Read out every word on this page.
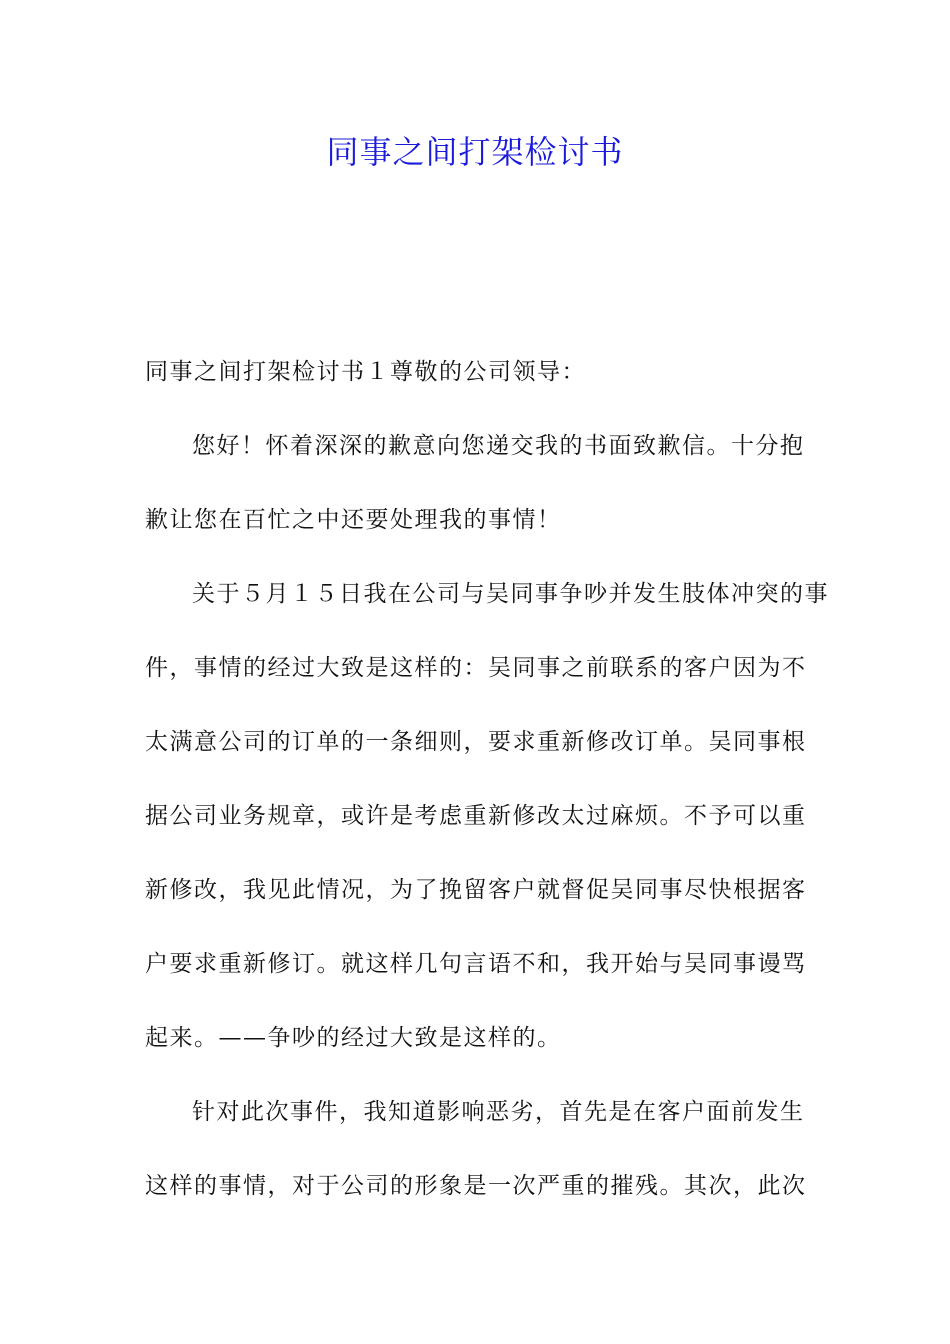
同事之间打架检讨书

同事之间打架检讨书１尊敬的公司领导：

您好！怀着深深的歉意向您递交我的书面致歉信。十分抱
歉让您在百忙之中还要处理我的事情！

关于５月１５日我在公司与吴同事争吵并发生肢体冲突的事
件，事情的经过大致是这样的：吴同事之前联系的客户因为不
太满意公司的订单的一条细则，要求重新修改订单。吴同事根
据公司业务规章，或许是考虑重新修改太过麻烦。不予可以重
新修改，我见此情况，为了挽留客户就督促吴同事尽快根据客
户要求重新修订。就这样几句言语不和，我开始与吴同事谩骂
起来。——争吵的经过大致是这样的。

针对此次事件，我知道影响恶劣，首先是在客户面前发生
这样的事情，对于公司的形象是一次严重的摧残。其次，此次
